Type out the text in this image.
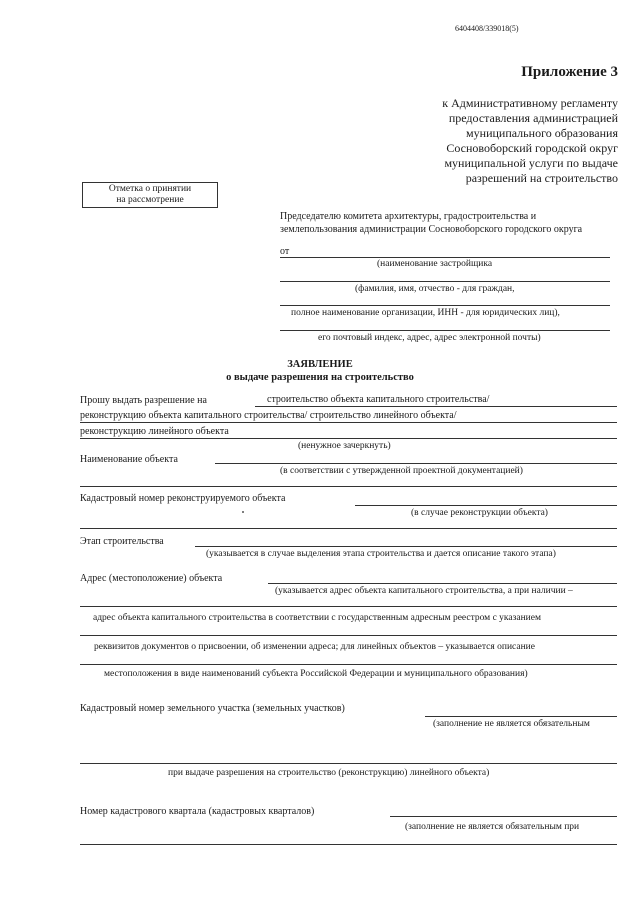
6404408/339018(5)
Приложение 3
к Административному регламенту
предоставления администрацией
муниципального образования
Сосновоборский городской округ
муниципальной услуги по выдаче
разрешений на строительство
Отметка о принятии
на рассмотрение
Председателю комитета архитектуры, градостроительства и
землепользования администрации Сосновоборского городского округа
от
(наименование застройщика
(фамилия, имя, отчество - для граждан,
полное наименование организации, ИНН - для юридических лиц),
его почтовый индекс, адрес, адрес электронной почты)
ЗАЯВЛЕНИЕ
о выдаче разрешения на строительство
Прошу выдать разрешение на	строительство объекта капитального строительства/
реконструкцию объекта капитального строительства/ строительство линейного объекта/
реконструкцию линейного объекта
(ненужное зачеркнуть)
Наименование объекта
(в соответствии с утвержденной проектной документацией)
Кадастровый номер реконструируемого объекта
(в случае реконструкции объекта)
Этап строительства
(указывается в случае выделения этапа строительства и дается описание такого этапа)
Адрес (местоположение) объекта
(указывается адрес объекта капитального строительства, а при наличии –
адрес объекта капитального строительства в соответствии с государственным адресным реестром с указанием
реквизитов документов о присвоении, об изменении адреса; для линейных объектов – указывается описание
местоположения в виде наименований субъекта Российской Федерации и муниципального образования)
Кадастровый номер земельного участка (земельных участков)
(заполнение не является обязательным
при выдаче разрешения на строительство (реконструкцию) линейного объекта)
Номер кадастрового квартала (кадастровых кварталов)
(заполнение не является обязательным при
